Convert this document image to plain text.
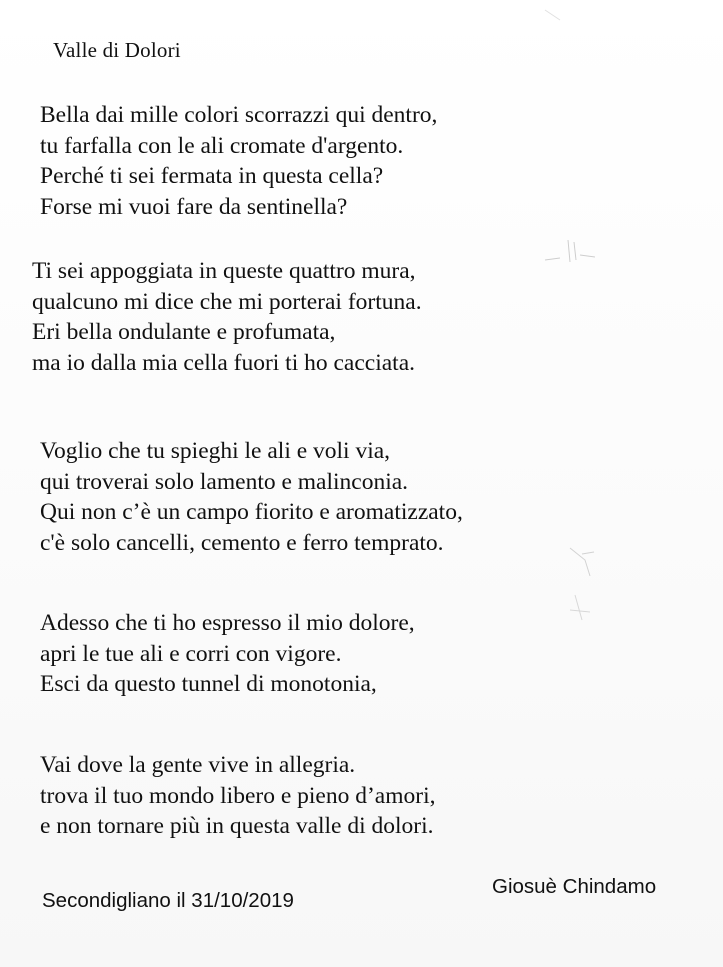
Valle di Dolori
Bella dai mille colori scorrazzi qui dentro,
tu farfalla con le ali cromate d'argento.
Perché ti sei fermata in questa cella?
Forse mi vuoi fare da sentinella?
Ti sei appoggiata in queste quattro mura,
qualcuno mi dice che mi porterai fortuna.
Eri bella ondulante e profumata,
ma io dalla mia cella fuori ti ho cacciata.
Voglio che tu spieghi le ali e voli via,
qui troverai solo lamento e malinconia.
Qui non c’è un campo fiorito e aromatizzato,
c'è solo cancelli, cemento e ferro temprato.
Adesso che ti ho espresso il mio dolore,
apri le tue ali e corri con vigore.
Esci da questo tunnel di monotonia,
Vai dove la gente vive in allegria.
trova il tuo mondo libero e pieno d’amori,
e non tornare più in questa valle di dolori.
Secondigliano il 31/10/2019
Giosuè Chindamo
